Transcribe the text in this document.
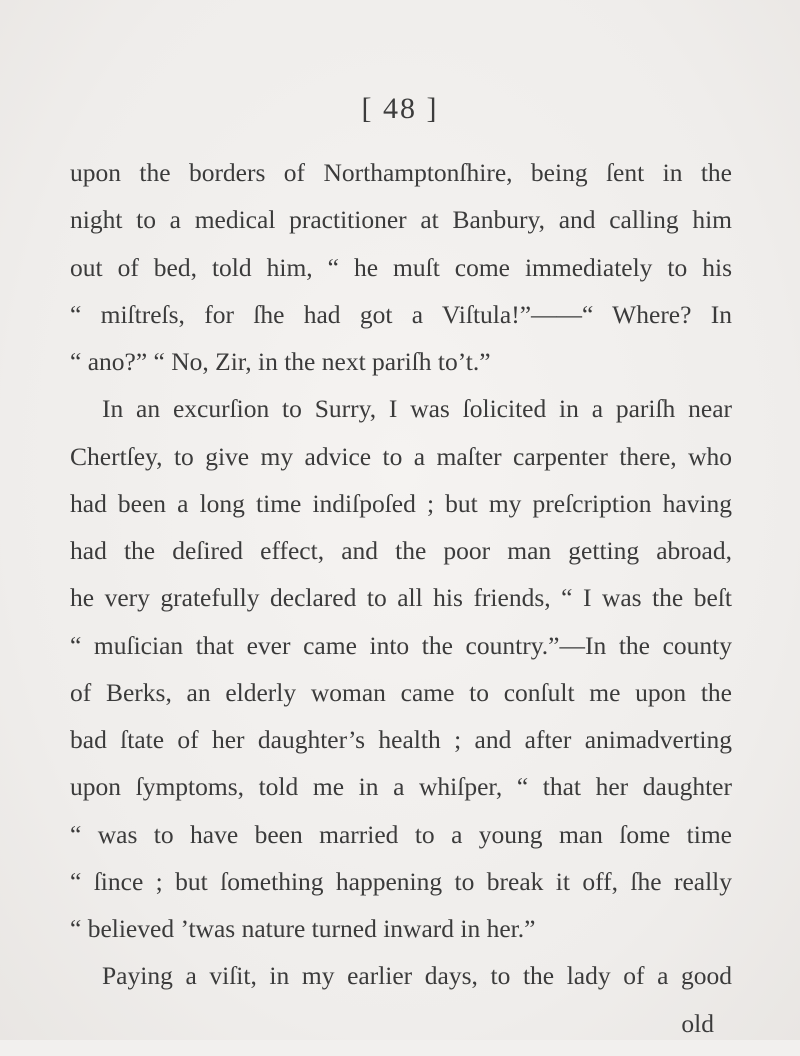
[ 48 ]
upon the borders of Northamptonſhire, being ſent in the
night to a medical practitioner at Banbury, and calling him
out of bed, told him, “ he muſt come immediately to his
“ miſtreſs, for ſhe had got a Viſtula!”——“ Where? In
“ ano?” “ No, Zir, in the next pariſh to’t.”
In an excurſion to Surry, I was ſolicited in a pariſh near
Chertſey, to give my advice to a maſter carpenter there, who
had been a long time indiſpoſed ; but my preſcription having
had the deſired effect, and the poor man getting abroad,
he very gratefully declared to all his friends, “ I was the beſt
“ muſician that ever came into the country.”—In the county
of Berks, an elderly woman came to conſult me upon the
bad ſtate of her daughter’s health ; and after animadverting
upon ſymptoms, told me in a whiſper, “ that her daughter
“ was to have been married to a young man ſome time
“ ſince ; but ſomething happening to break it off, ſhe really
“ believed ’twas nature turned inward in her.”
Paying a viſit, in my earlier days, to the lady of a good
old
